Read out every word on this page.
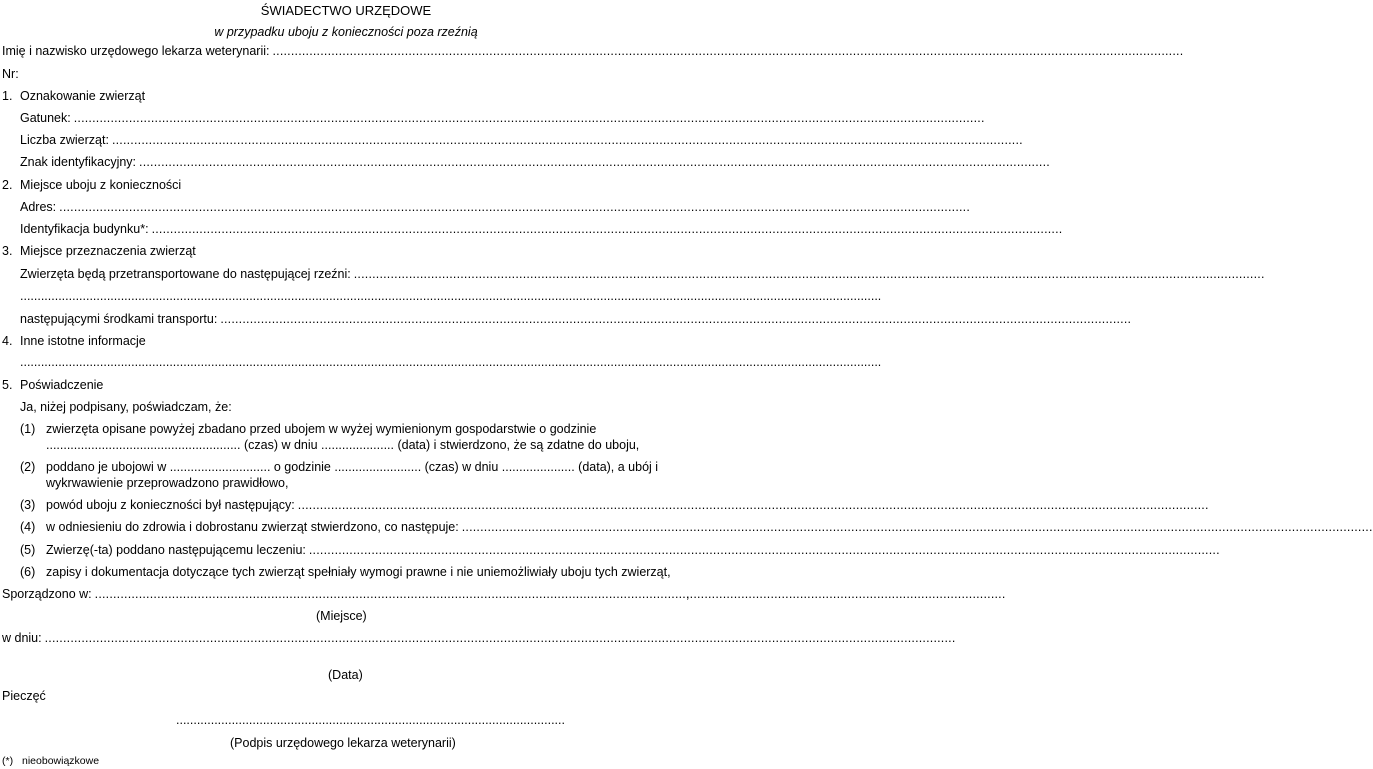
ŚWIADECTWO URZĘDOWE
w przypadku uboju z konieczności poza rzeźnią
Imię i nazwisko urzędowego lekarza weterynarii:
.....
Nr:
1. Oznakowanie zwierząt
Gatunek:
.....
Liczba zwierząt:
.....
Znak identyfikacyjny:
.....
2. Miejsce uboju z konieczności
Adres:
.....
Identyfikacja budynku*:
.....
3. Miejsce przeznaczenia zwierząt
Zwierzęta będą przetransportowane do następującej rzeźni:
.....
.....
następującymi środkami transportu:
.....
4. Inne istotne informacje
.....
5. Poświadczenie
Ja, niżej podpisany, poświadczam, że:
(1) zwierzęta opisane powyżej zbadano przed ubojem w wyżej wymienionym gospodarstwie o godzinie
........................................................ (czas) w dniu ..................... (data) i stwierdzono, że są zdatne do uboju,
(2) poddano je ubojowi w ............................. o godzinie ......................... (czas) w dniu ..................... (data), a ubój i
wykrwawienie przeprowadzono prawidłowo,
(3) powód uboju z konieczności był następujący:
.....
(4) w odniesieniu do zdrowia i dobrostanu zwierząt stwierdzono, co następuje:
.....
(5) Zwierzę(-ta) poddano następującemu leczeniu:
.....
(6) zapisy i dokumentacja dotyczące tych zwierząt spełniały wymogi prawne i nie uniemożliwiały uboju tych zwierząt,
Sporządzono w:
.....	,
(Miejsce)
w dniu:
.....
(Data)
Pieczęć
................................................................................................................
(Podpis urzędowego lekarza weterynarii)
(*) nieobowiązkowe
